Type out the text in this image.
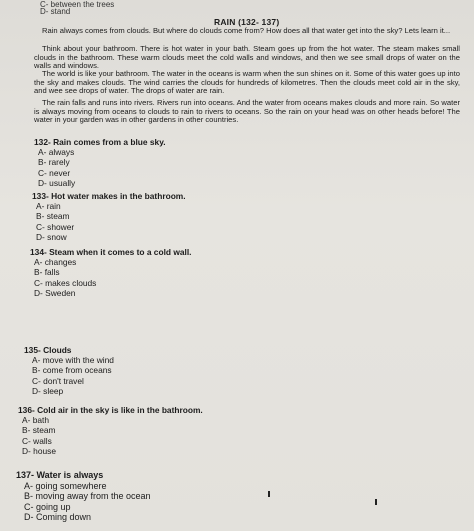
C- between the trees
D- stand
RAIN (132- 137)

Rain always comes from clouds. But where do clouds come from? How does all that water get into the sky? Lets learn it...

Think about your bathroom. There is hot water in your bath. Steam goes up from the hot water. The steam makes small clouds in the bathroom. These warm clouds meet the cold walls and windows, and then we see small drops of water on the walls and windows.

The world is like your bathroom. The water in the oceans is warm when the sun shines on it. Some of this water goes up into the sky and makes clouds. The wind carries the clouds for hundreds of kilometres. Then the clouds meet cold air in the sky, and wee see drops of water. The drops of water are rain.

The rain falls and runs into rivers. Rivers run into oceans. And the water from oceans makes clouds and more rain. So water is always moving from oceans to clouds to rain to rivers to oceans. So the rain on your head was on other heads before! The water in your garden was in other gardens in other countries.

132- Rain comes from a blue sky.
A- always
B- rarely
C- never
D- usually
133- Hot water makes in the bathroom.
A- rain
B- steam
C- shower
D- snow
134- Steam when it comes to a cold wall.
A- changes
B- falls
C- makes clouds
D- Sweden
135- Clouds
A- move with the wind
B- come from oceans
C- don't travel
D- sleep
136- Cold air in the sky is like in the bathroom.
A- bath
B- steam
C- walls
D- house
137- Water is always
A- going somewhere
B- moving away from the ocean
C- going up
D- Coming down
